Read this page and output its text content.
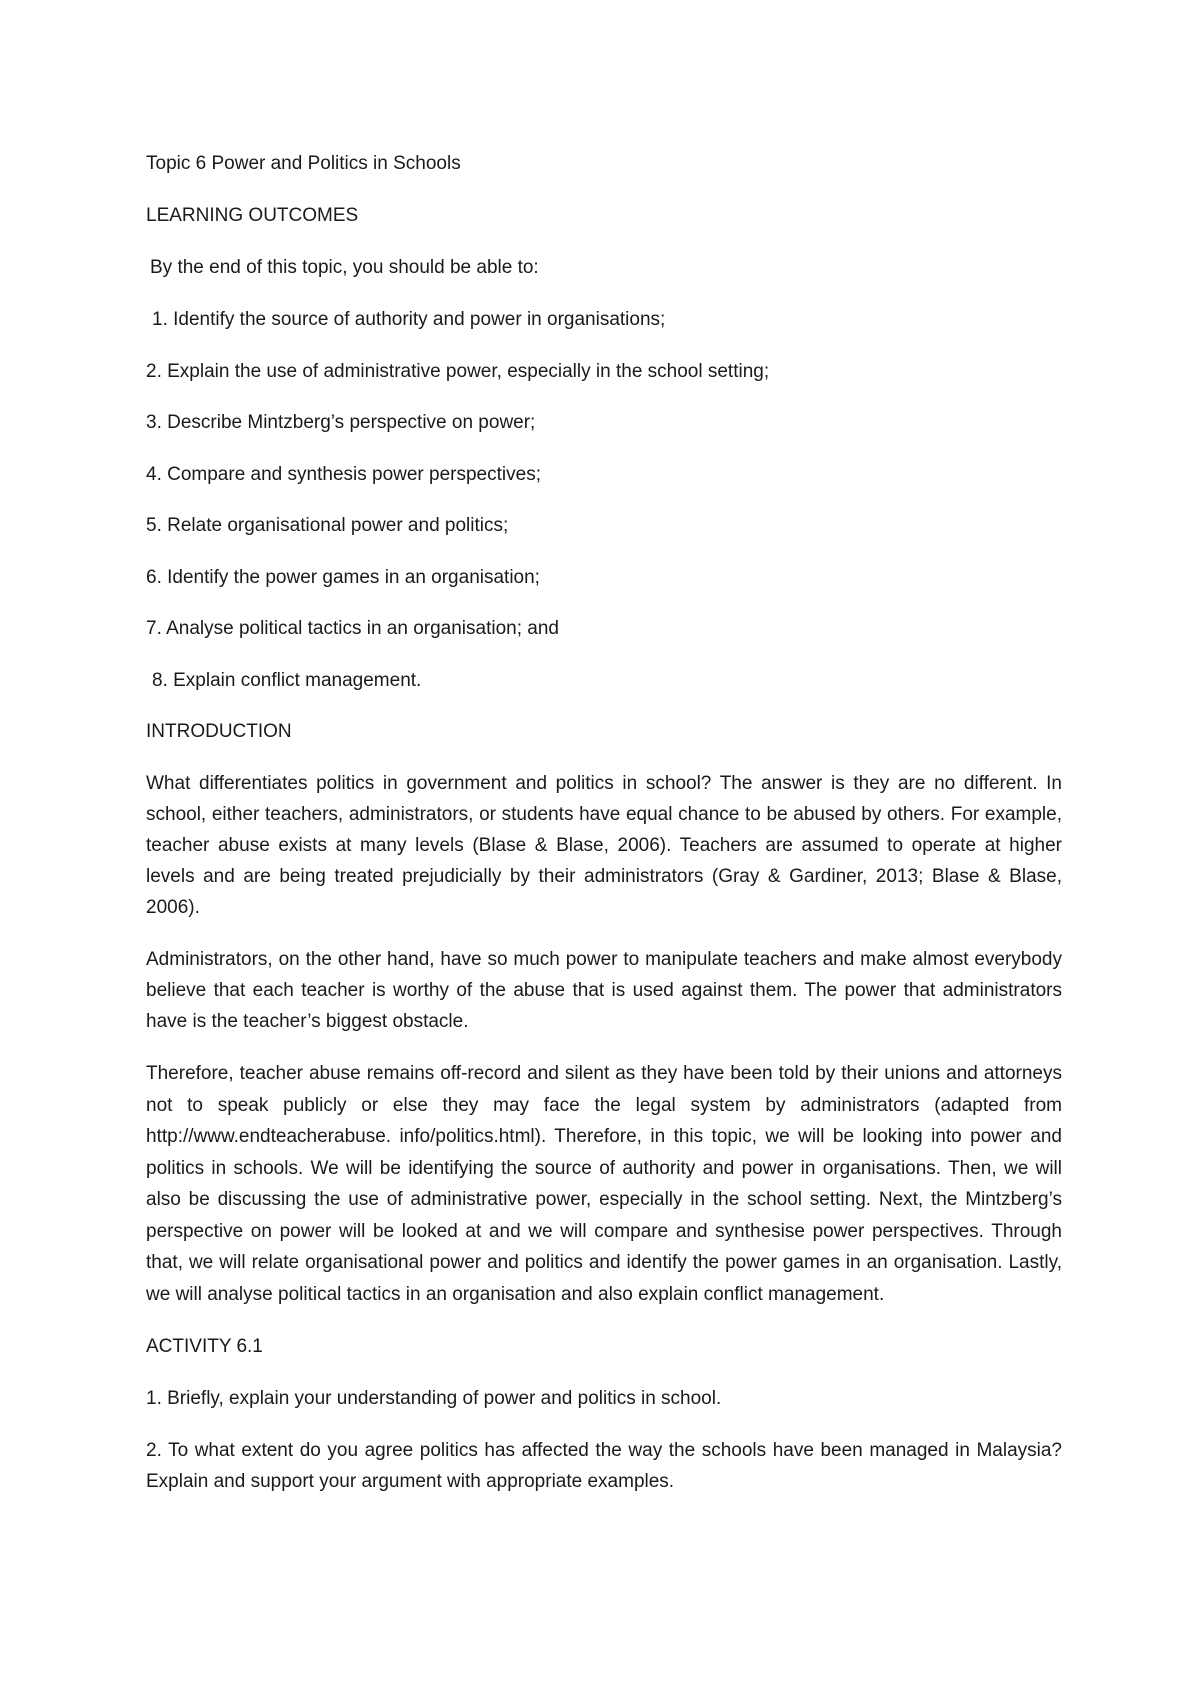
Topic 6 Power and Politics in Schools

LEARNING OUTCOMES

By the end of this topic, you should be able to:

1. Identify the source of authority and power in organisations;
2. Explain the use of administrative power, especially in the school setting;
3. Describe Mintzberg’s perspective on power;
4. Compare and synthesis power perspectives;
5. Relate organisational power and politics;
6. Identify the power games in an organisation;
7. Analyse political tactics in an organisation; and
8. Explain conflict management.

INTRODUCTION

What differentiates politics in government and politics in school? The answer is they are no different. In school, either teachers, administrators, or students have equal chance to be abused by others. For example, teacher abuse exists at many levels (Blase & Blase, 2006). Teachers are assumed to operate at higher levels and are being treated prejudicially by their administrators (Gray & Gardiner, 2013; Blase & Blase, 2006).

Administrators, on the other hand, have so much power to manipulate teachers and make almost everybody believe that each teacher is worthy of the abuse that is used against them. The power that administrators have is the teacher’s biggest obstacle.

Therefore, teacher abuse remains off-record and silent as they have been told by their unions and attorneys not to speak publicly or else they may face the legal system by administrators (adapted from http://www.endteacherabuse. info/politics.html). Therefore, in this topic, we will be looking into power and politics in schools. We will be identifying the source of authority and power in organisations. Then, we will also be discussing the use of administrative power, especially in the school setting. Next, the Mintzberg’s perspective on power will be looked at and we will compare and synthesise power perspectives. Through that, we will relate organisational power and politics and identify the power games in an organisation. Lastly, we will analyse political tactics in an organisation and also explain conflict management.

ACTIVITY 6.1

1. Briefly, explain your understanding of power and politics in school.

2. To what extent do you agree politics has affected the way the schools have been managed in Malaysia? Explain and support your argument with appropriate examples.
